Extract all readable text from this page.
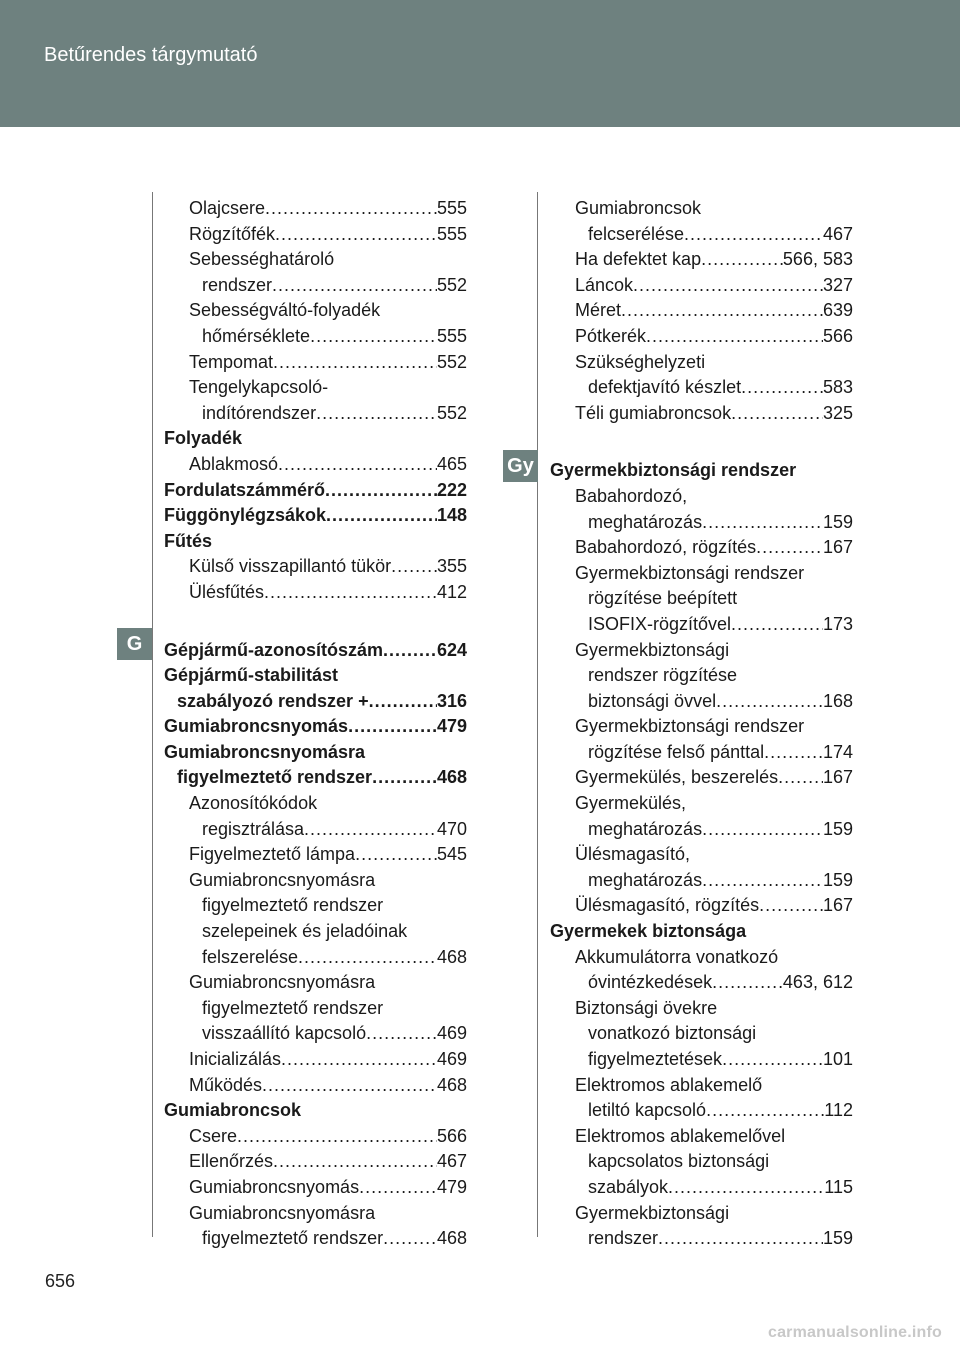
Betűrendes tárgymutató
G
Gy
Olajcsere .....	555
Rögzítőfék .....	555
Sebességhatároló
rendszer .....	552
Sebességváltó-folyadék
hőmérséklete .....	555
Tempomat .....	552
Tengelykapcsoló-
indítórendszer .....	552
Folyadék
Ablakmosó .....	465
Fordulatszámmérő .....	222
Függönylégzsákok .....	148
Fűtés
Külső visszapillantó tükör .....	355
Ülésfűtés .....	412
Gépjármű-azonosítószám .....	624
Gépjármű-stabilitást
szabályozó rendszer + .....	316
Gumiabroncsnyomás .....	479
Gumiabroncsnyomásra
figyelmeztető rendszer .....	468
Azonosítókódok
regisztrálása .....	470
Figyelmeztető lámpa .....	545
Gumiabroncsnyomásra
figyelmeztető rendszer
szelepeinek és jeladóinak
felszerelése .....	468
Gumiabroncsnyomásra
figyelmeztető rendszer
visszaállító kapcsoló .....	469
Inicializálás .....	469
Működés .....	468
Gumiabroncsok
Csere .....	566
Ellenőrzés .....	467
Gumiabroncsnyomás .....	479
Gumiabroncsnyomásra
figyelmeztető rendszer .....	468
Gumiabroncsok
felcserélése .....	467
Ha defektet kap .....	566, 583
Láncok .....	327
Méret .....	639
Pótkerék .....	566
Szükséghelyzeti
defektjavító készlet .....	583
Téli gumiabroncsok .....	325
Gyermekbiztonsági rendszer
Babahordozó,
meghatározás .....	159
Babahordozó, rögzítés .....	167
Gyermekbiztonsági rendszer
rögzítése beépített
ISOFIX-rögzítővel .....	173
Gyermekbiztonsági
rendszer rögzítése
biztonsági övvel .....	168
Gyermekbiztonsági rendszer
rögzítése felső pánttal .....	174
Gyermekülés, beszerelés ..... 167
Gyermekülés,
meghatározás .....	159
Ülésmagasító,
meghatározás .....	159
Ülésmagasító, rögzítés .....	167
Gyermekek biztonsága
Akkumulátorra vonatkozó
óvintézkedések .....	463, 612
Biztonsági övekre
vonatkozó biztonsági
figyelmeztetések .....	101
Elektromos ablakemelő
letiltó kapcsoló .....	112
Elektromos ablakemelővel
kapcsolatos biztonsági
szabályok .....	115
Gyermekbiztonsági
rendszer .....	159
656
carmanualsonline.info
